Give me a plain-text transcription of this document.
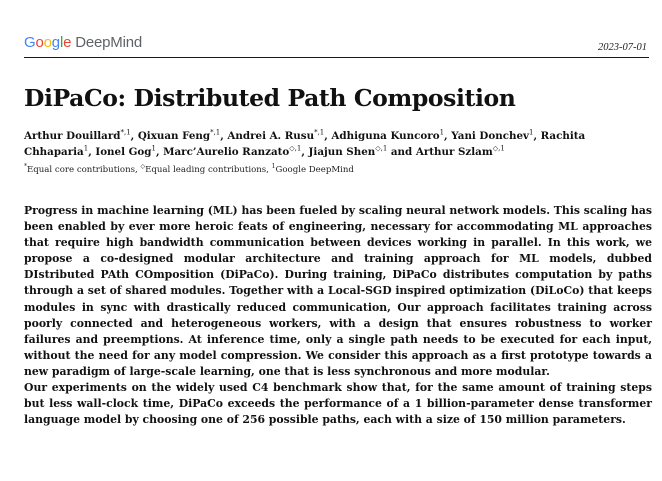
Google DeepMind	2023-07-01
DiPaCo: Distributed Path Composition
Arthur Douillard$^{*,1}$, Qixuan Feng$^{*,1}$, Andrei A. Rusu$^{*,1}$, Adhiguna Kuncoro$^1$, Yani Donchev$^1$, Rachita Chhaparia$^1$, Ionel Gog$^1$, Marc’Aurelio Ranzato$^{◇,1}$, Jiajun Shen$^{◇,1}$ and Arthur Szlam$^{◇,1}$
*Equal core contributions, ◇Equal leading contributions, $^1$Google DeepMind

Progress in machine learning (ML) has been fueled by scaling neural network models. This scaling has been enabled by ever more heroic feats of engineering, necessary for accommodating ML approaches that require high bandwidth communication between devices working in parallel. In this work, we propose a co-designed modular architecture and training approach for ML models, dubbed DIstributed PAth COmposition (DiPaCo). During training, DiPaCo distributes computation by paths through a set of shared modules. Together with a Local-SGD inspired optimization (DiLoCo) that keeps modules in sync with drastically reduced communication, Our approach facilitates training across poorly connected and heterogeneous workers, with a design that ensures robustness to worker failures and preemptions. At inference time, only a single path needs to be executed for each input, without the need for any model compression. We consider this approach as a first prototype towards a new paradigm of large-scale learning, one that is less synchronous and more modular.

Our experiments on the widely used C4 benchmark show that, for the same amount of training steps but less wall-clock time, DiPaCo exceeds the performance of a 1 billion-parameter dense transformer language model by choosing one of 256 possible paths, each with a size of 150 million parameters.
